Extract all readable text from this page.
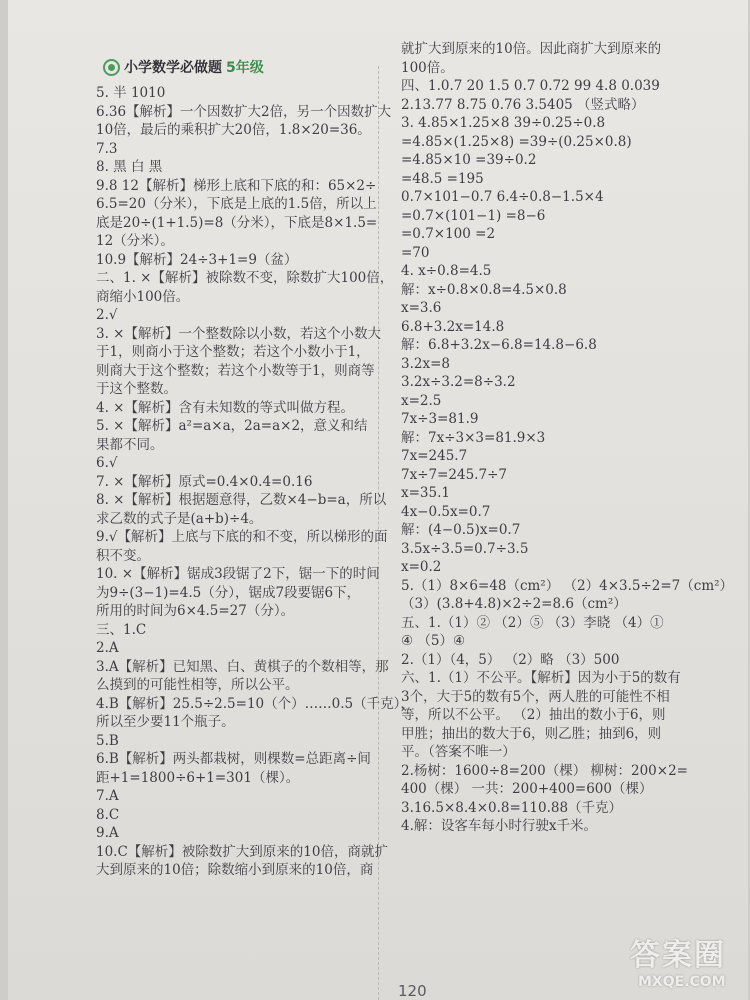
小学数学必做题 5年级
5. 半 1010
6.36【解析】一个因数扩大2倍，另一个因数扩大
10倍，最后的乘积扩大20倍，1.8×20=36。
7.3
8. 黑 白 黑
9.8 12【解析】梯形上底和下底的和：65×2÷
6.5=20（分米），下底是上底的1.5倍，所以上
底是20÷(1+1.5)=8（分米），下底是8×1.5=
12（分米）。
10.9【解析】24÷3+1=9（盆）
二、1. ×【解析】被除数不变，除数扩大100倍，
商缩小100倍。
2.√
3. ×【解析】一个整数除以小数，若这个小数大
于1，则商小于这个整数；若这个小数小于1，
则商大于这个整数；若这个小数等于1，则商等
于这个整数。
4. ×【解析】含有未知数的等式叫做方程。
5. ×【解析】a²=a×a，2a=a×2，意义和结
果都不同。
6.√
7. ×【解析】原式=0.4×0.4=0.16
8. ×【解析】根据题意得，乙数×4−b=a，所以
求乙数的式子是(a+b)÷4。
9.√【解析】上底与下底的和不变，所以梯形的面
积不变。
10. ×【解析】锯成3段锯了2下，锯一下的时间
为9÷(3−1)=4.5（分），锯成7段要锯6下，
所用的时间为6×4.5=27（分）。
三、1.C
2.A
3.A【解析】已知黑、白、黄棋子的个数相等，那
么摸到的可能性相等，所以公平。
4.B【解析】25.5÷2.5=10（个）……0.5（千克），
所以至少要11个瓶子。
5.B
6.B【解析】两头都栽树，则棵数=总距离÷间
距+1=1800÷6+1=301（棵）。
7.A
8.C
9.A
10.C【解析】被除数扩大到原来的10倍，商就扩
大到原来的10倍；除数缩小到原来的10倍，商
就扩大到原来的10倍。因此商扩大到原来的
100倍。
四、1.0.7 20 1.5 0.7 0.72 99 4.8 0.039
2.13.77 8.75 0.76 3.5405 （竖式略）
3. 4.85×1.25×8 39÷0.25÷0.8
=4.85×(1.25×8) =39÷(0.25×0.8)
=4.85×10 =39÷0.2
=48.5 =195
0.7×101−0.7 6.4÷0.8−1.5×4
=0.7×(101−1) =8−6
=0.7×100 =2
=70
4. x÷0.8=4.5
解：x÷0.8×0.8=4.5×0.8
x=3.6
6.8+3.2x=14.8
解：6.8+3.2x−6.8=14.8−6.8
3.2x=8
3.2x÷3.2=8÷3.2
x=2.5
7x÷3=81.9
解：7x÷3×3=81.9×3
7x=245.7
7x÷7=245.7÷7
x=35.1
4x−0.5x=0.7
解：(4−0.5)x=0.7
3.5x÷3.5=0.7÷3.5
x=0.2
5.（1）8×6=48（cm²） （2）4×3.5÷2=7（cm²）
（3）(3.8+4.8)×2÷2=8.6（cm²）
五、1.（1）② （2）⑤ （3）李晓 （4）①
④ （5）④
2.（1）（4，5） （2）略 （3）500
六、1.（1）不公平。【解析】因为小于5的数有
3个，大于5的数有5个，两人胜的可能性不相
等，所以不公平。 （2）抽出的数小于6，则
甲胜；抽出的数大于6，则乙胜；抽到6，则
平。（答案不唯一）
2.杨树：1600÷8=200（棵） 柳树：200×2=
400（棵） 一共：200+400=600（棵）
3.16.5×8.4×0.8=110.88（千克）
4.解：设客车每小时行驶x千米。
120
答案圈
MXQE.COM
